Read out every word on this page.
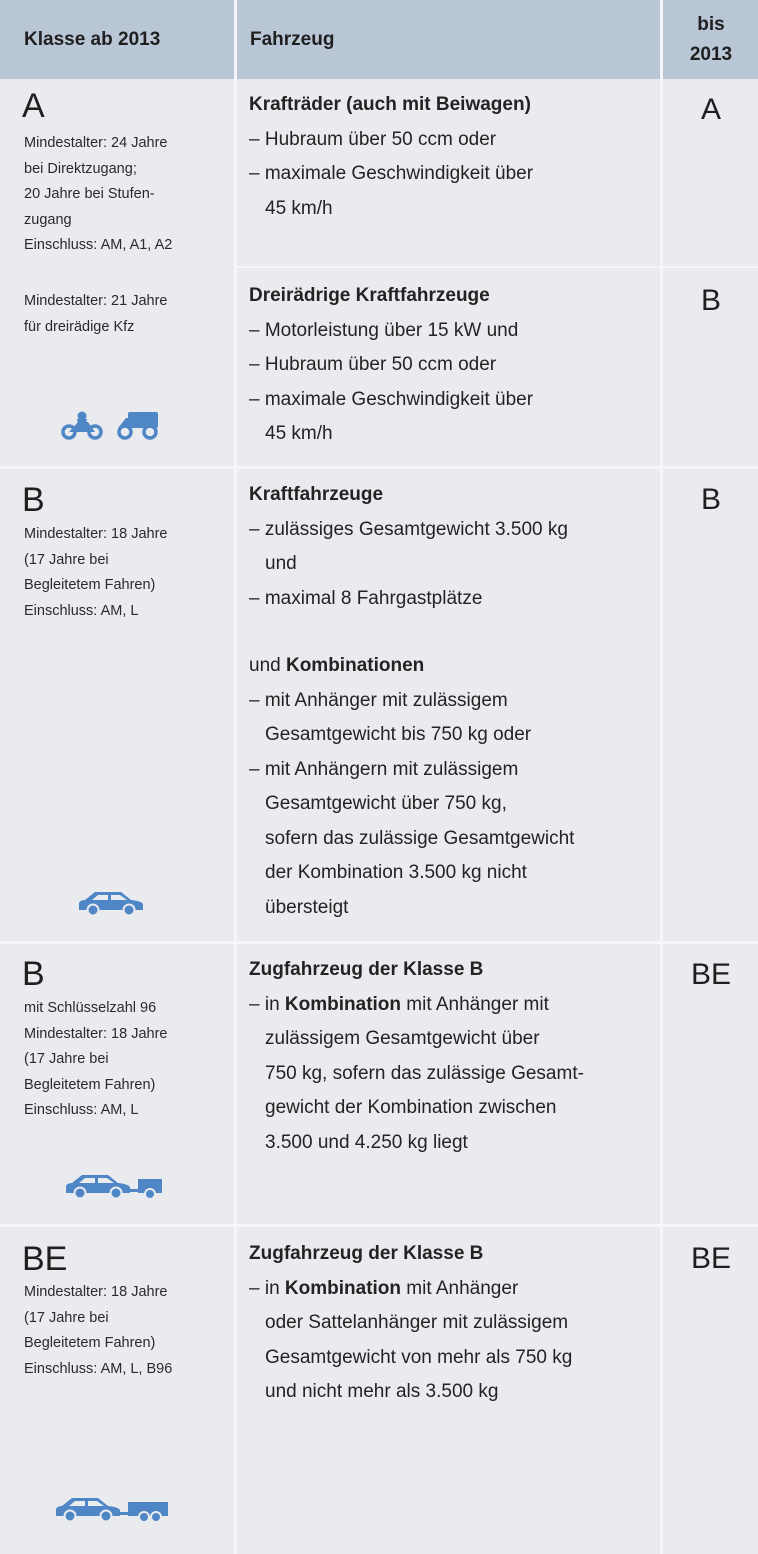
Klasse ab 2013	Fahrzeug
bis
2013
A
Mindestalter: 24 Jahre
bei Direktzugang;
20 Jahre bei Stufen-
zugang
Einschluss: AM, A1, A2
Krafträder (auch mit Beiwagen)
– Hubraum über 50 ccm oder
– maximale Geschwindigkeit über
45 km/h
A
Mindestalter: 21 Jahre
für dreirädige Kfz
Dreirädrige Kraftfahrzeuge
– Motorleistung über 15 kW und
– Hubraum über 50 ccm oder
– maximale Geschwindigkeit über
45 km/h
B
B
Mindestalter: 18 Jahre
(17 Jahre bei
Begleitetem Fahren)
Einschluss: AM, L
Kraftfahrzeuge
– zulässiges Gesamtgewicht 3.500 kg
und
– maximal 8 Fahrgastplätze
und Kombinationen
– mit Anhänger mit zulässigem
Gesamtgewicht bis 750 kg oder
– mit Anhängern mit zulässigem
Gesamtgewicht über 750 kg,
sofern das zulässige Gesamtgewicht
der Kombination 3.500 kg nicht
übersteigt
B
B
mit Schlüsselzahl 96
Mindestalter: 18 Jahre
(17 Jahre bei
Begleitetem Fahren)
Einschluss: AM, L
Zugfahrzeug der Klasse B
– in Kombination mit Anhänger mit
zulässigem Gesamtgewicht über
750 kg, sofern das zulässige Gesamt-
gewicht der Kombination zwischen
3.500 und 4.250 kg liegt
BE
BE
Mindestalter: 18 Jahre
(17 Jahre bei
Begleitetem Fahren)
Einschluss: AM, L, B96
Zugfahrzeug der Klasse B
– in Kombination mit Anhänger
oder Sattelanhänger mit zulässigem
Gesamtgewicht von mehr als 750 kg
und nicht mehr als 3.500 kg
BE
